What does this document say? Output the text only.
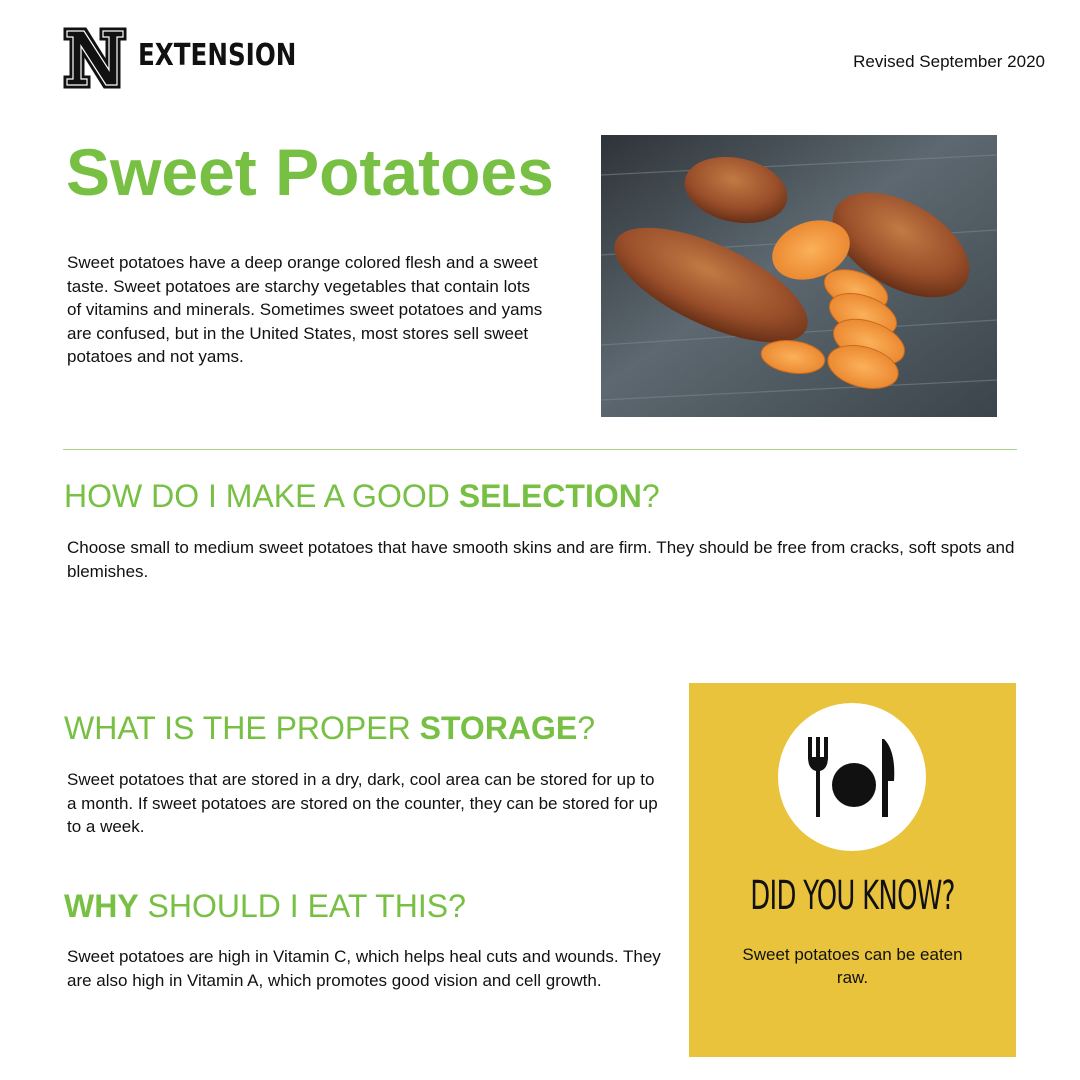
EXTENSION	Revised September 2020
Sweet Potatoes

Sweet potatoes have a deep orange colored flesh and a sweet taste. Sweet potatoes are starchy vegetables that contain lots of vitamins and minerals. Sometimes sweet potatoes and yams are confused, but in the United States, most stores sell sweet potatoes and not yams.

HOW DO I MAKE A GOOD SELECTION?

Choose small to medium sweet potatoes that have smooth skins and are firm. They should be free from cracks, soft spots and blemishes.

WHAT IS THE PROPER STORAGE?

Sweet potatoes that are stored in a dry, dark, cool area can be stored for up to a month. If sweet potatoes are stored on the counter, they can be stored for up to a week.

WHY SHOULD I EAT THIS?

Sweet potatoes are high in Vitamin C, which helps heal cuts and wounds. They are also high in Vitamin A, which promotes good vision and cell growth.

DID YOU KNOW?
Sweet potatoes can be eaten raw.
